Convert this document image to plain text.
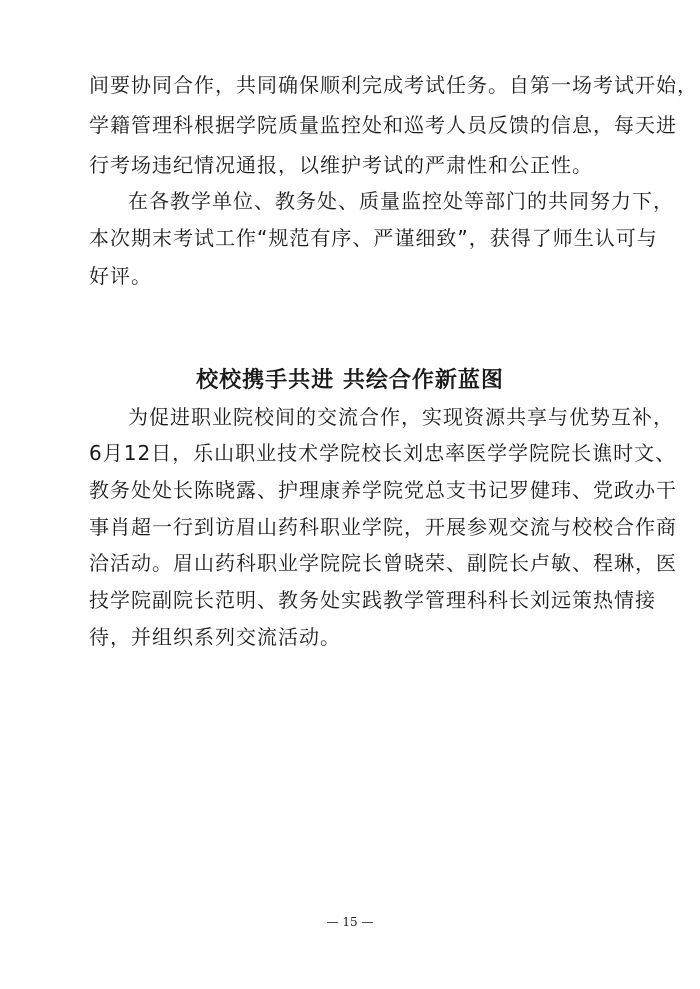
间要协同合作，共同确保顺利完成考试任务。自第一场考试开始，
学籍管理科根据学院质量监控处和巡考人员反馈的信息，每天进
行考场违纪情况通报，以维护考试的严肃性和公正性。
在各教学单位、教务处、质量监控处等部门的共同努力下，
本次期末考试工作“规范有序、严谨细致”，获得了师生认可与
好评。
校校携手共进 共绘合作新蓝图
为促进职业院校间的交流合作，实现资源共享与优势互补，
6月12日，乐山职业技术学院校长刘忠率医学学院院长谯时文、
教务处处长陈晓露、护理康养学院党总支书记罗健玮、党政办干
事肖超一行到访眉山药科职业学院，开展参观交流与校校合作商
洽活动。眉山药科职业学院院长曾晓荣、副院长卢敏、程琳，医
技学院副院长范明、教务处实践教学管理科科长刘远策热情接
待，并组织系列交流活动。
— 15 —
